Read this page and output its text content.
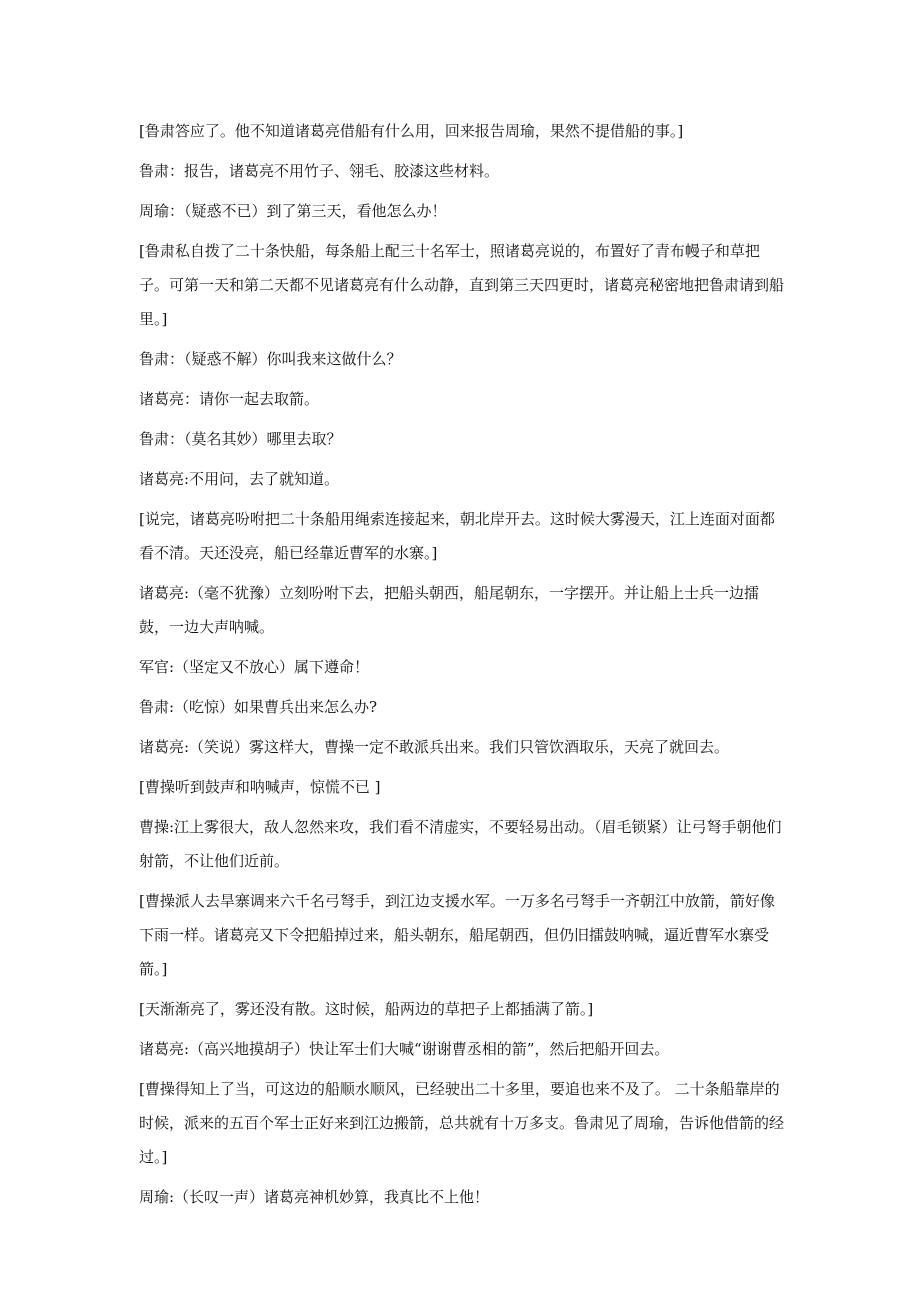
[鲁肃答应了。他不知道诸葛亮借船有什么用，回来报告周瑜，果然不提借船的事。]

鲁肃：报告，诸葛亮不用竹子、翎毛、胶漆这些材料。

周瑜：（疑惑不已）到了第三天，看他怎么办！

[鲁肃私自拨了二十条快船，每条船上配三十名军士，照诸葛亮说的，布置好了青布幔子和草把子。可第一天和第二天都不见诸葛亮有什么动静，直到第三天四更时，诸葛亮秘密地把鲁肃请到船里。]

鲁肃：（疑惑不解）你叫我来这做什么？

诸葛亮：请你一起去取箭。

鲁肃：（莫名其妙）哪里去取？

诸葛亮:不用问，去了就知道。

[说完，诸葛亮吩咐把二十条船用绳索连接起来，朝北岸开去。这时候大雾漫天，江上连面对面都看不清。天还没亮，船已经靠近曹军的水寨。]

诸葛亮:（毫不犹豫）立刻吩咐下去，把船头朝西，船尾朝东，一字摆开。并让船上士兵一边擂鼓，一边大声呐喊。

军官:（坚定又不放心）属下遵命！

鲁肃:（吃惊）如果曹兵出来怎么办?

诸葛亮:（笑说）雾这样大，曹操一定不敢派兵出来。我们只管饮酒取乐，天亮了就回去。

[曹操听到鼓声和呐喊声，惊慌不已 ]

曹操:江上雾很大，敌人忽然来攻，我们看不清虚实，不要轻易出动。（眉毛锁紧）让弓弩手朝他们射箭，不让他们近前。

[曹操派人去旱寨调来六千名弓弩手，到江边支援水军。一万多名弓弩手一齐朝江中放箭，箭好像下雨一样。诸葛亮又下令把船掉过来，船头朝东，船尾朝西，但仍旧擂鼓呐喊，逼近曹军水寨受箭。]

[天渐渐亮了，雾还没有散。这时候，船两边的草把子上都插满了箭。]

诸葛亮:（高兴地摸胡子）快让军士们大喊“谢谢曹丞相的箭”，然后把船开回去。

[曹操得知上了当，可这边的船顺水顺风，已经驶出二十多里，要追也来不及了。 二十条船靠岸的时候，派来的五百个军士正好来到江边搬箭，总共就有十万多支。鲁肃见了周瑜，告诉他借箭的经过。]

周瑜:（长叹一声）诸葛亮神机妙算，我真比不上他！
